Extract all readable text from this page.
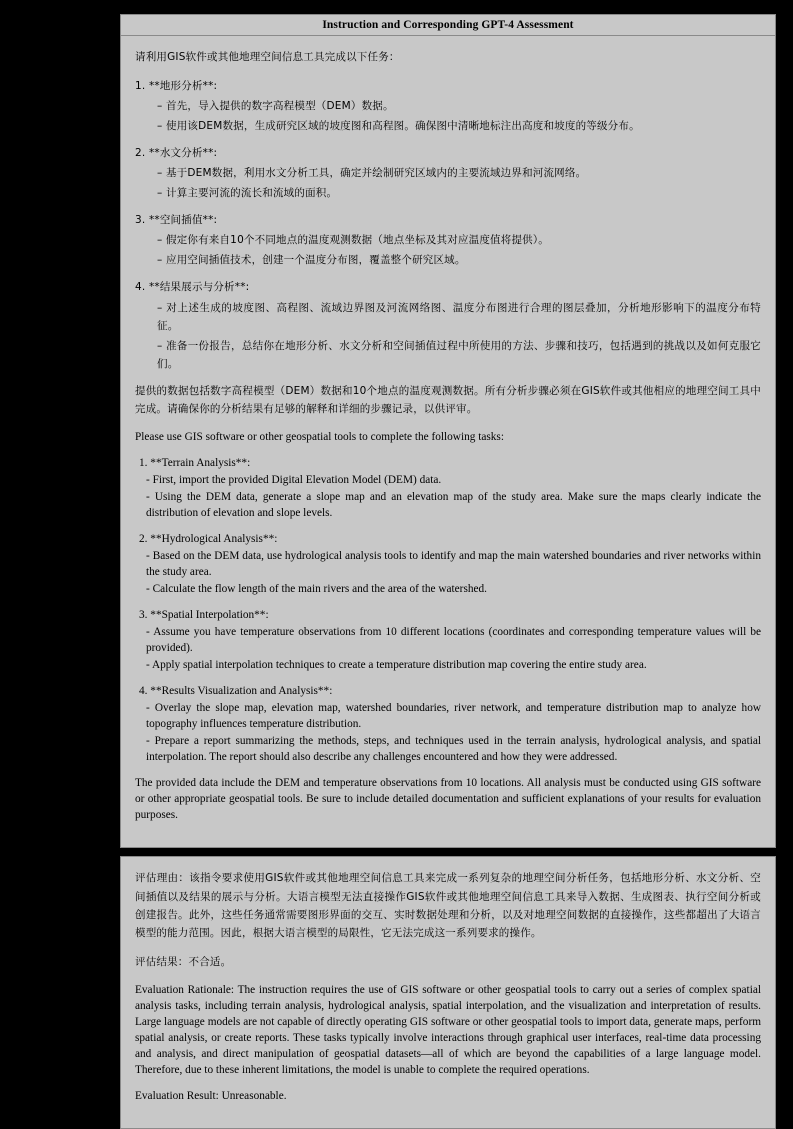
Instruction and Corresponding GPT-4 Assessment

请利用GIS软件或其他地理空间信息工具完成以下任务：

1. **地形分析**:

– 首先，导入提供的数字高程模型（DEM）数据。

– 使用该DEM数据，生成研究区域的坡度图和高程图。确保图中清晰地标注出高度和坡度的等级分布。

2. **水文分析**:

– 基于DEM数据，利用水文分析工具，确定并绘制研究区域内的主要流域边界和河流网络。

– 计算主要河流的流长和流域的面积。

3. **空间插值**:

– 假定你有来自10个不同地点的温度观测数据（地点坐标及其对应温度值将提供）。

– 应用空间插值技术，创建一个温度分布图，覆盖整个研究区域。

4. **结果展示与分析**:

– 对上述生成的坡度图、高程图、流域边界图及河流网络图、温度分布图进行合理的图层叠加，分析地形影响下的温度分布特征。

– 准备一份报告，总结你在地形分析、水文分析和空间插值过程中所使用的方法、步骤和技巧，包括遇到的挑战以及如何克服它们。

提供的数据包括数字高程模型（DEM）数据和10个地点的温度观测数据。所有分析步骤必须在GIS软件或其他相应的地理空间工具中完成。请确保你的分析结果有足够的解释和详细的步骤记录，以供评审。

Please use GIS software or other geospatial tools to complete the following tasks:

1. **Terrain Analysis**:

- First, import the provided Digital Elevation Model (DEM) data.

- Using the DEM data, generate a slope map and an elevation map of the study area. Make sure the maps clearly indicate the distribution of elevation and slope levels.

2. **Hydrological Analysis**:

- Based on the DEM data, use hydrological analysis tools to identify and map the main watershed boundaries and river networks within the study area.

- Calculate the flow length of the main rivers and the area of the watershed.

3. **Spatial Interpolation**:

- Assume you have temperature observations from 10 different locations (coordinates and corresponding temperature values will be provided).

- Apply spatial interpolation techniques to create a temperature distribution map covering the entire study area.

4. **Results Visualization and Analysis**:

- Overlay the slope map, elevation map, watershed boundaries, river network, and temperature distribution map to analyze how topography influences temperature distribution.

- Prepare a report summarizing the methods, steps, and techniques used in the terrain analysis, hydrological analysis, and spatial interpolation. The report should also describe any challenges encountered and how they were addressed.

The provided data include the DEM and temperature observations from 10 locations. All analysis must be conducted using GIS software or other appropriate geospatial tools. Be sure to include detailed documentation and sufficient explanations of your results for evaluation purposes.

评估理由：该指令要求使用GIS软件或其他地理空间信息工具来完成一系列复杂的地理空间分析任务，包括地形分析、水文分析、空间插值以及结果的展示与分析。大语言模型无法直接操作GIS软件或其他地理空间信息工具来导入数据、生成图表、执行空间分析或创建报告。此外，这些任务通常需要图形界面的交互、实时数据处理和分析，以及对地理空间数据的直接操作，这些都超出了大语言模型的能力范围。因此，根据大语言模型的局限性，它无法完成这一系列要求的操作。

评估结果：不合适。

Evaluation Rationale: The instruction requires the use of GIS software or other geospatial tools to carry out a series of complex spatial analysis tasks, including terrain analysis, hydrological analysis, spatial interpolation, and the visualization and interpretation of results. Large language models are not capable of directly operating GIS software or other geospatial tools to import data, generate maps, perform spatial analysis, or create reports. These tasks typically involve interactions through graphical user interfaces, real-time data processing and analysis, and direct manipulation of geospatial datasets—all of which are beyond the capabilities of a large language model. Therefore, due to these inherent limitations, the model is unable to complete the required operations.

Evaluation Result: Unreasonable.
